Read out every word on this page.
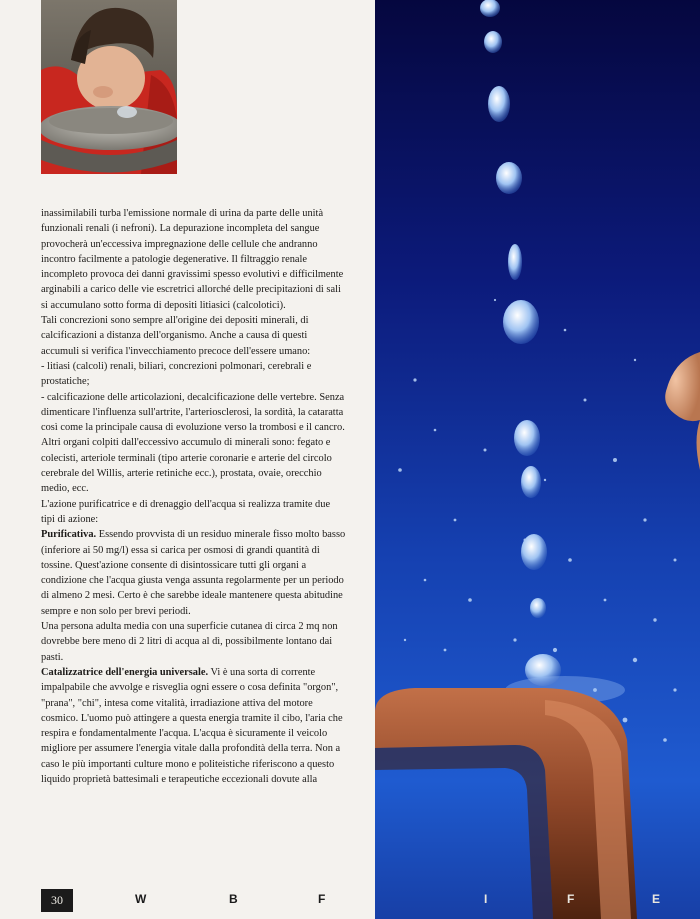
inassimilabili turba l'emissione normale di urina da parte delle unità funzionali renali (i nefroni). La depurazione incompleta del sangue provocherà un'eccessiva impregnazione delle cellule che andranno incontro facilmente a patologie degenerative. Il filtraggio renale incompleto provoca dei danni gravissimi spesso evolutivi e difficilmente arginabili a carico delle vie escretrici allorché delle precipitazioni di sali si accumulano sotto forma di depositi litiasici (calcolotici).

Tali concrezioni sono sempre all'origine dei depositi minerali, di calcificazioni a distanza dell'organismo. Anche a causa di questi accumuli si verifica l'invecchiamento precoce dell'essere umano:

- litiasi (calcoli) renali, biliari, concrezioni polmonari, cerebrali e prostatiche;

- calcificazione delle articolazioni, decalcificazione delle vertebre. Senza dimenticare l'influenza sull'artrite, l'arteriosclerosi, la sordità, la cataratta così come la principale causa di evoluzione verso la trombosi e il cancro.

Altri organi colpiti dall'eccessivo accumulo di minerali sono: fegato e colecisti, arteriole terminali (tipo arterie coronarie e arterie del circolo cerebrale del Willis, arterie retiniche ecc.), prostata, ovaie, orecchio medio, ecc.

L'azione purificatrice e di drenaggio dell'acqua si realizza tramite due tipi di azione:

Purificativa. Essendo provvista di un residuo minerale fisso molto basso (inferiore ai 50 mg/l) essa si carica per osmosi di grandi quantità di tossine. Quest'azione consente di disintossicare tutti gli organi a condizione che l'acqua giusta venga assunta regolarmente per un periodo di almeno 2 mesi. Certo è che sarebbe ideale mantenere questa abitudine sempre e non solo per brevi periodi.

Una persona adulta media con una superficie cutanea di circa 2 mq non dovrebbe bere meno di 2 litri di acqua al dì, possibilmente lontano dai pasti.

Catalizzatrice dell'energia universale. Vi è una sorta di corrente impalpabile che avvolge e risveglia ogni essere o cosa definita "orgon", "prana", "chi", intesa come vitalità, irradiazione attiva del motore cosmico. L'uomo può attingere a questa energia tramite il cibo, l'aria che respira e fondamentalmente l'acqua. L'acqua è sicuramente il veicolo migliore per assumere l'energia vitale dalla profondità della terra. Non a caso le più importanti culture mono e politeistiche riferiscono a questo liquido proprietà battesimali e terapeutiche eccezionali dovute alla

30	W	B	F	I	F	E
